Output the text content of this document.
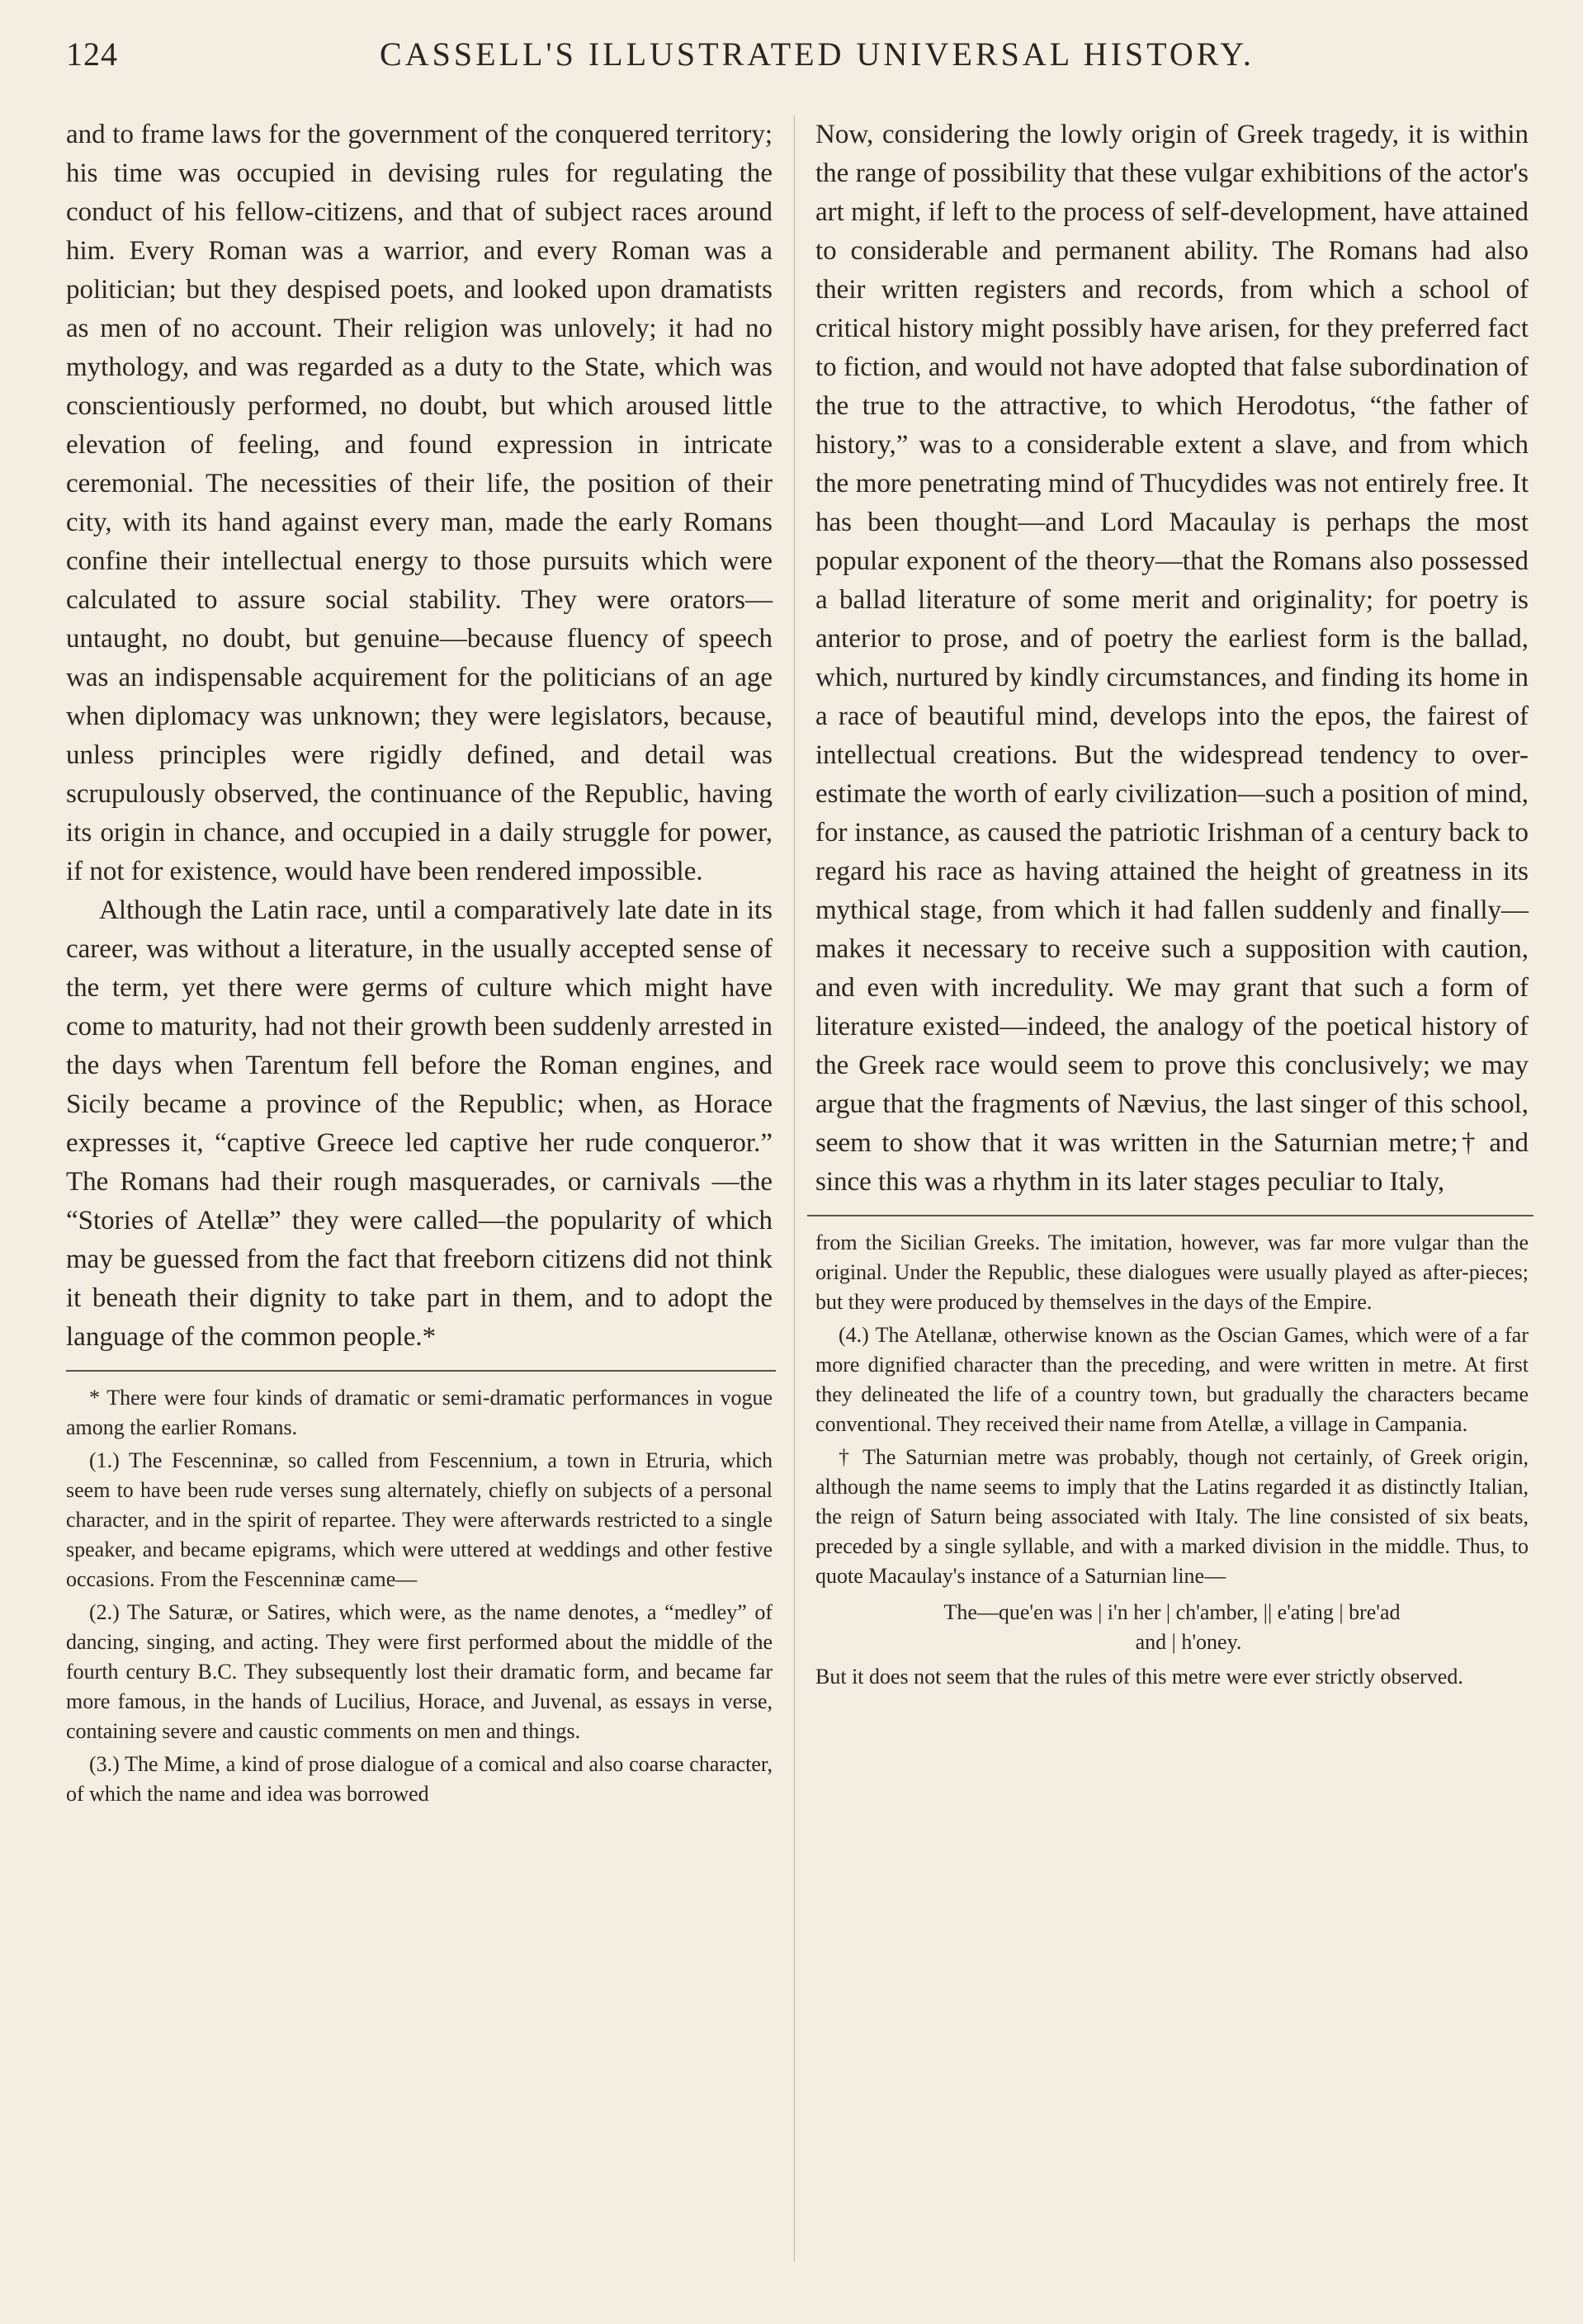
124	CASSELL'S ILLUSTRATED UNIVERSAL HISTORY.

and to frame laws for the government of the conquered territory; his time was occupied in devising rules for regulating the conduct of his fellow-citizens, and that of subject races around him. Every Roman was a warrior, and every Roman was a politician; but they despised poets, and looked upon dramatists as men of no account. Their religion was unlovely; it had no mythology, and was regarded as a duty to the State, which was conscientiously performed, no doubt, but which aroused little elevation of feeling, and found expression in intricate ceremonial. The necessities of their life, the position of their city, with its hand against every man, made the early Romans confine their intellectual energy to those pursuits which were calculated to assure social stability. They were orators—untaught, no doubt, but genuine—because fluency of speech was an indispensable acquirement for the politicians of an age when diplomacy was unknown; they were legislators, because, unless principles were rigidly defined, and detail was scrupulously observed, the continuance of the Republic, having its origin in chance, and occupied in a daily struggle for power, if not for existence, would have been rendered impossible.

Although the Latin race, until a comparatively late date in its career, was without a literature, in the usually accepted sense of the term, yet there were germs of culture which might have come to maturity, had not their growth been suddenly arrested in the days when Tarentum fell before the Roman engines, and Sicily became a province of the Republic; when, as Horace expresses it, “captive Greece led captive her rude conqueror.” The Romans had their rough masquerades, or carnivals —the “Stories of Atellæ” they were called—the popularity of which may be guessed from the fact that freeborn citizens did not think it beneath their dignity to take part in them, and to adopt the language of the common people.*

* There were four kinds of dramatic or semi-dramatic performances in vogue among the earlier Romans.

(1.) The Fescenninæ, so called from Fescennium, a town in Etruria, which seem to have been rude verses sung alternately, chiefly on subjects of a personal character, and in the spirit of repartee. They were afterwards restricted to a single speaker, and became epigrams, which were uttered at weddings and other festive occasions. From the Fescenninæ came—

(2.) The Saturæ, or Satires, which were, as the name denotes, a “medley” of dancing, singing, and acting. They were first performed about the middle of the fourth century B.C. They subsequently lost their dramatic form, and became far more famous, in the hands of Lucilius, Horace, and Juvenal, as essays in verse, containing severe and caustic comments on men and things.

(3.) The Mime, a kind of prose dialogue of a comical and also coarse character, of which the name and idea was borrowed

Now, considering the lowly origin of Greek tragedy, it is within the range of possibility that these vulgar exhibitions of the actor's art might, if left to the process of self-development, have attained to considerable and permanent ability. The Romans had also their written registers and records, from which a school of critical history might possibly have arisen, for they preferred fact to fiction, and would not have adopted that false subordination of the true to the attractive, to which Herodotus, “the father of history,” was to a considerable extent a slave, and from which the more penetrating mind of Thucydides was not entirely free. It has been thought—and Lord Macaulay is perhaps the most popular exponent of the theory—that the Romans also possessed a ballad literature of some merit and originality; for poetry is anterior to prose, and of poetry the earliest form is the ballad, which, nurtured by kindly circumstances, and finding its home in a race of beautiful mind, develops into the epos, the fairest of intellectual creations. But the widespread tendency to over-estimate the worth of early civilization—such a position of mind, for instance, as caused the patriotic Irishman of a century back to regard his race as having attained the height of greatness in its mythical stage, from which it had fallen suddenly and finally—makes it necessary to receive such a supposition with caution, and even with incredulity. We may grant that such a form of literature existed—indeed, the analogy of the poetical history of the Greek race would seem to prove this conclusively; we may argue that the fragments of Nævius, the last singer of this school, seem to show that it was written in the Saturnian metre;† and since this was a rhythm in its later stages peculiar to Italy,

from the Sicilian Greeks. The imitation, however, was far more vulgar than the original. Under the Republic, these dialogues were usually played as after-pieces; but they were produced by themselves in the days of the Empire.

(4.) The Atellanæ, otherwise known as the Oscian Games, which were of a far more dignified character than the preceding, and were written in metre. At first they delineated the life of a country town, but gradually the characters became conventional. They received their name from Atellæ, a village in Campania.

† The Saturnian metre was probably, though not certainly, of Greek origin, although the name seems to imply that the Latins regarded it as distinctly Italian, the reign of Saturn being associated with Italy. The line consisted of six beats, preceded by a single syllable, and with a marked division in the middle. Thus, to quote Macaulay's instance of a Saturnian line—

The—que'en was | i'n her | ch'amber, || e'ating | bre'ad
and | h'oney.

But it does not seem that the rules of this metre were ever strictly observed.
